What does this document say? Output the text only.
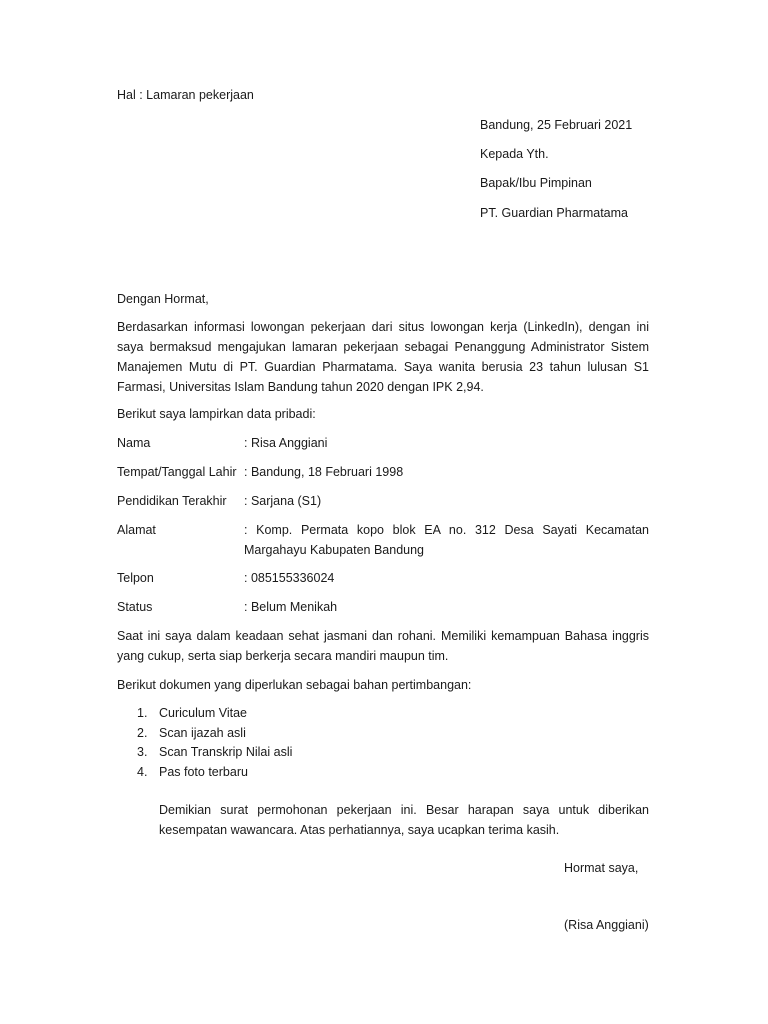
Hal : Lamaran pekerjaan
Bandung, 25 Februari 2021
Kepada Yth.
Bapak/Ibu Pimpinan
PT. Guardian Pharmatama
Dengan Hormat,
Berdasarkan informasi lowongan pekerjaan dari situs lowongan kerja (LinkedIn), dengan ini saya bermaksud mengajukan lamaran pekerjaan sebagai Penanggung Administrator Sistem Manajemen Mutu di PT. Guardian Pharmatama. Saya wanita berusia 23 tahun lulusan S1 Farmasi, Universitas Islam Bandung tahun 2020 dengan IPK 2,94.
Berikut saya lampirkan data pribadi:
Nama	: Risa Anggiani
Tempat/Tanggal Lahir : Bandung, 18 Februari 1998
Pendidikan Terakhir	: Sarjana (S1)
Alamat	: Komp. Permata kopo blok EA no. 312 Desa Sayati Kecamatan Margahayu Kabupaten Bandung
Telpon	: 085155336024
Status	: Belum Menikah
Saat ini saya dalam keadaan sehat jasmani dan rohani. Memiliki kemampuan Bahasa inggris yang cukup, serta siap berkerja secara mandiri maupun tim.
Berikut dokumen yang diperlukan sebagai bahan pertimbangan:
1. Curiculum Vitae
2. Scan ijazah asli
3. Scan Transkrip Nilai asli
4. Pas foto terbaru
Demikian surat permohonan pekerjaan ini. Besar harapan saya untuk diberikan kesempatan wawancara. Atas perhatiannya, saya ucapkan terima kasih.
Hormat saya,
(Risa Anggiani)
